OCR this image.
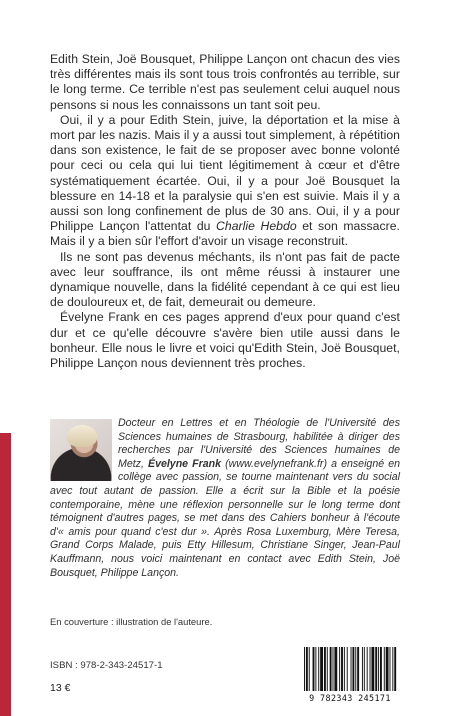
Edith Stein, Joë Bousquet, Philippe Lançon ont chacun des vies très différentes mais ils sont tous trois confrontés au terrible, sur le long terme. Ce terrible n'est pas seulement celui auquel nous pensons si nous les connaissons un tant soit peu.

Oui, il y a pour Edith Stein, juive, la déportation et la mise à mort par les nazis. Mais il y a aussi tout simplement, à répétition dans son existence, le fait de se proposer avec bonne volonté pour ceci ou cela qui lui tient légitimement à cœur et d'être systématiquement écartée. Oui, il y a pour Joë Bousquet la blessure en 14-18 et la paralysie qui s'en est suivie. Mais il y a aussi son long confinement de plus de 30 ans. Oui, il y a pour Philippe Lançon l'attentat du Charlie Hebdo et son massacre. Mais il y a bien sûr l'effort d'avoir un visage reconstruit.

Ils ne sont pas devenus méchants, ils n'ont pas fait de pacte avec leur souffrance, ils ont même réussi à instaurer une dynamique nouvelle, dans la fidélité cependant à ce qui est lieu de douloureux et, de fait, demeurait ou demeure.

Évelyne Frank en ces pages apprend d'eux pour quand c'est dur et ce qu'elle découvre s'avère bien utile aussi dans le bonheur. Elle nous le livre et voici qu'Edith Stein, Joë Bousquet, Philippe Lançon nous deviennent très proches.

Docteur en Lettres et en Théologie de l'Université des Sciences humaines de Strasbourg, habilitée à diriger des recherches par l'Université des Sciences humaines de Metz, Évelyne Frank (www.evelynefrank.fr) a enseigné en collège avec passion, se tourne maintenant vers du social avec tout autant de passion. Elle a écrit sur la Bible et la poésie contemporaine, mène une réflexion personnelle sur le long terme dont témoignent d'autres pages, se met dans des Cahiers bonheur à l'écoute d'« amis pour quand c'est dur ». Après Rosa Luxemburg, Mère Teresa, Grand Corps Malade, puis Etty Hillesum, Christiane Singer, Jean-Paul Kauffmann, nous voici maintenant en contact avec Edith Stein, Joë Bousquet, Philippe Lançon.
En couverture : illustration de l'auteure.
ISBN : 978-2-343-24517-1
13 €
9 782343 245171
